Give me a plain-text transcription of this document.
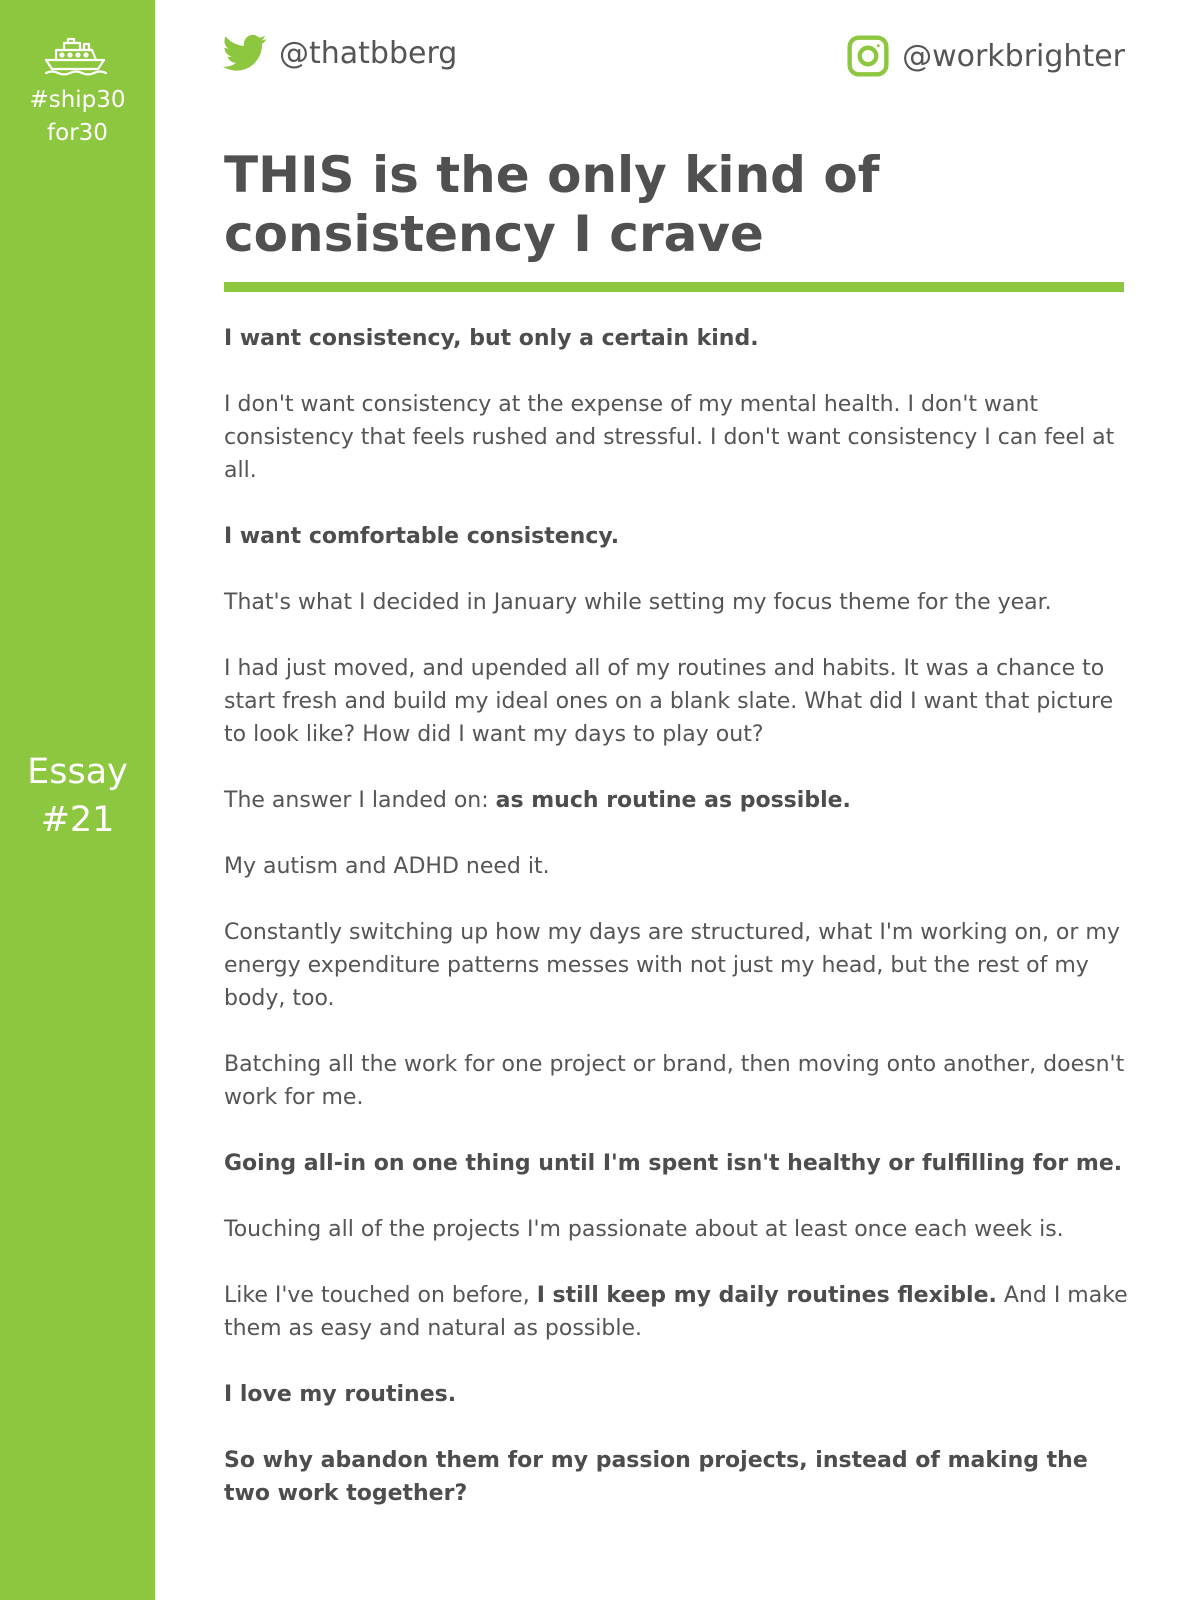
#ship30
for30
Essay
#21
@thatbberg	@workbrighter
THIS is the only kind of
consistency I crave

I want consistency, but only a certain kind.

I don't want consistency at the expense of my mental health. I don't want consistency that feels rushed and stressful. I don't want consistency I can feel at all.

I want comfortable consistency.

That's what I decided in January while setting my focus theme for the year.

I had just moved, and upended all of my routines and habits. It was a chance to start fresh and build my ideal ones on a blank slate. What did I want that picture to look like? How did I want my days to play out?

The answer I landed on: as much routine as possible.

My autism and ADHD need it.

Constantly switching up how my days are structured, what I'm working on, or my energy expenditure patterns messes with not just my head, but the rest of my body, too.

Batching all the work for one project or brand, then moving onto another, doesn't work for me.

Going all-in on one thing until I'm spent isn't healthy or fulfilling for me.

Touching all of the projects I'm passionate about at least once each week is.

Like I've touched on before, I still keep my daily routines flexible. And I make them as easy and natural as possible.

I love my routines.

So why abandon them for my passion projects, instead of making the two work together?
